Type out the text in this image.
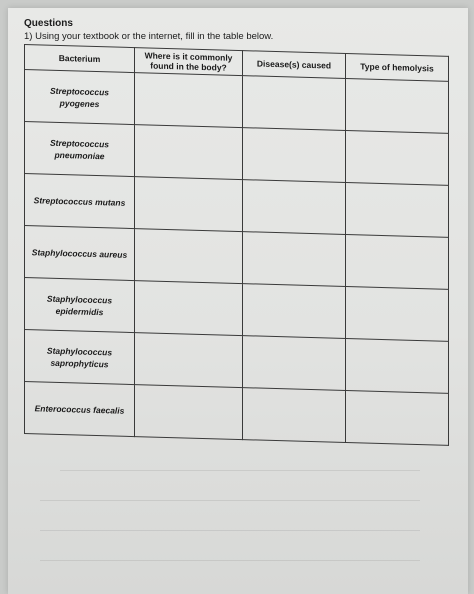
Questions
1) Using your textbook or the internet, fill in the table below.
Bacterium	Where is it commonly found in the body?	Disease(s) caused	Type of hemolysis
Streptococcus pyogenes			
Streptococcus pneumoniae			
Streptococcus mutans			
Staphylococcus aureus			
Staphylococcus epidermidis			
Staphylococcus saprophyticus			
Enterococcus faecalis			
